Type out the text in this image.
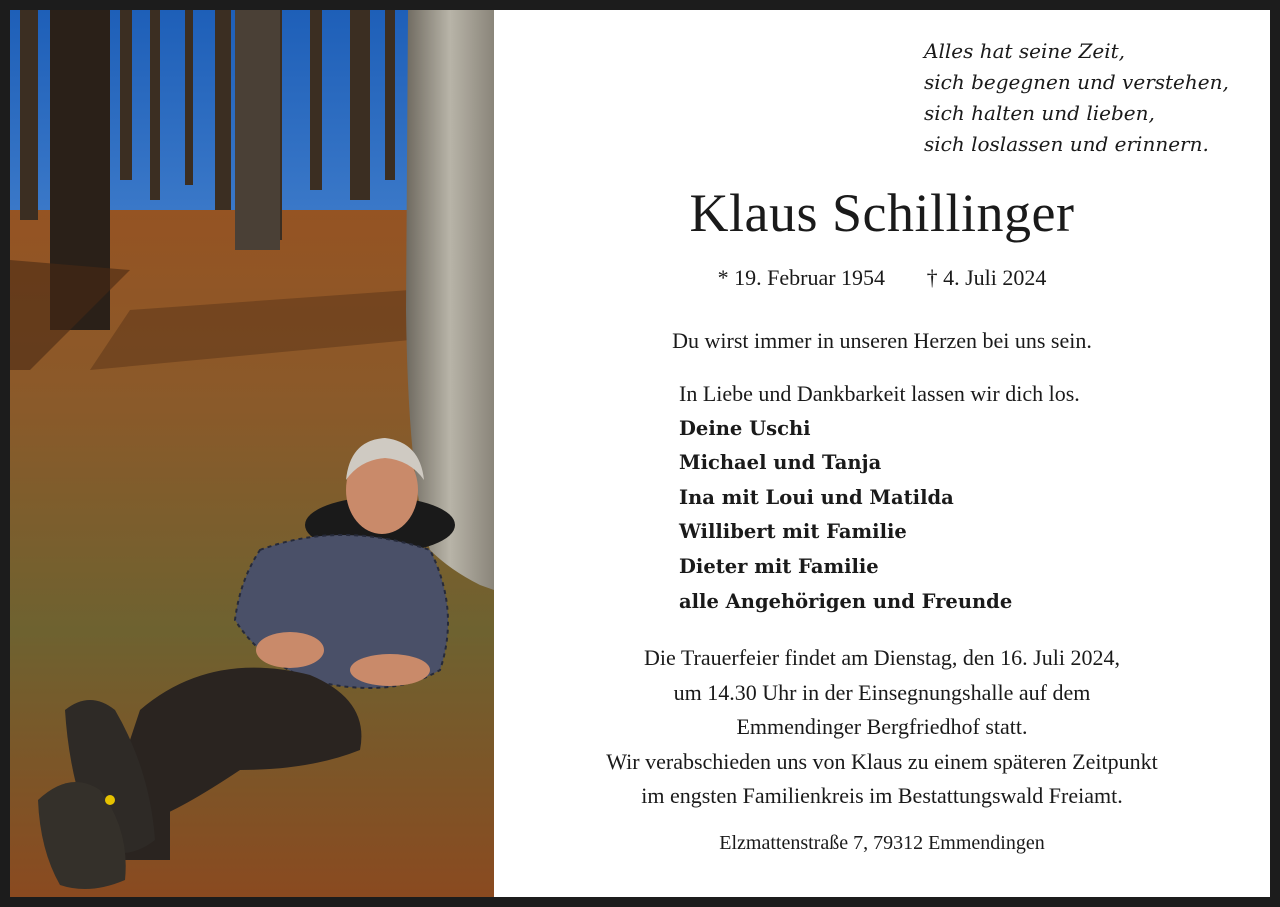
Alles hat seine Zeit,
sich begegnen und verstehen,
sich halten und lieben,
sich loslassen und erinnern.
Klaus Schillinger
* 19. Februar 1954 † 4. Juli 2024
Du wirst immer in unseren Herzen bei uns sein.
In Liebe und Dankbarkeit lassen wir dich los.
Deine Uschi
Michael und Tanja
Ina mit Loui und Matilda
Willibert mit Familie
Dieter mit Familie
alle Angehörigen und Freunde
Die Trauerfeier findet am Dienstag, den 16. Juli 2024,
um 14.30 Uhr in der Einsegnungshalle auf dem
Emmendinger Bergfriedhof statt.
Wir verabschieden uns von Klaus zu einem späteren Zeitpunkt
im engsten Familienkreis im Bestattungswald Freiamt.
Elzmattenstraße 7, 79312 Emmendingen
